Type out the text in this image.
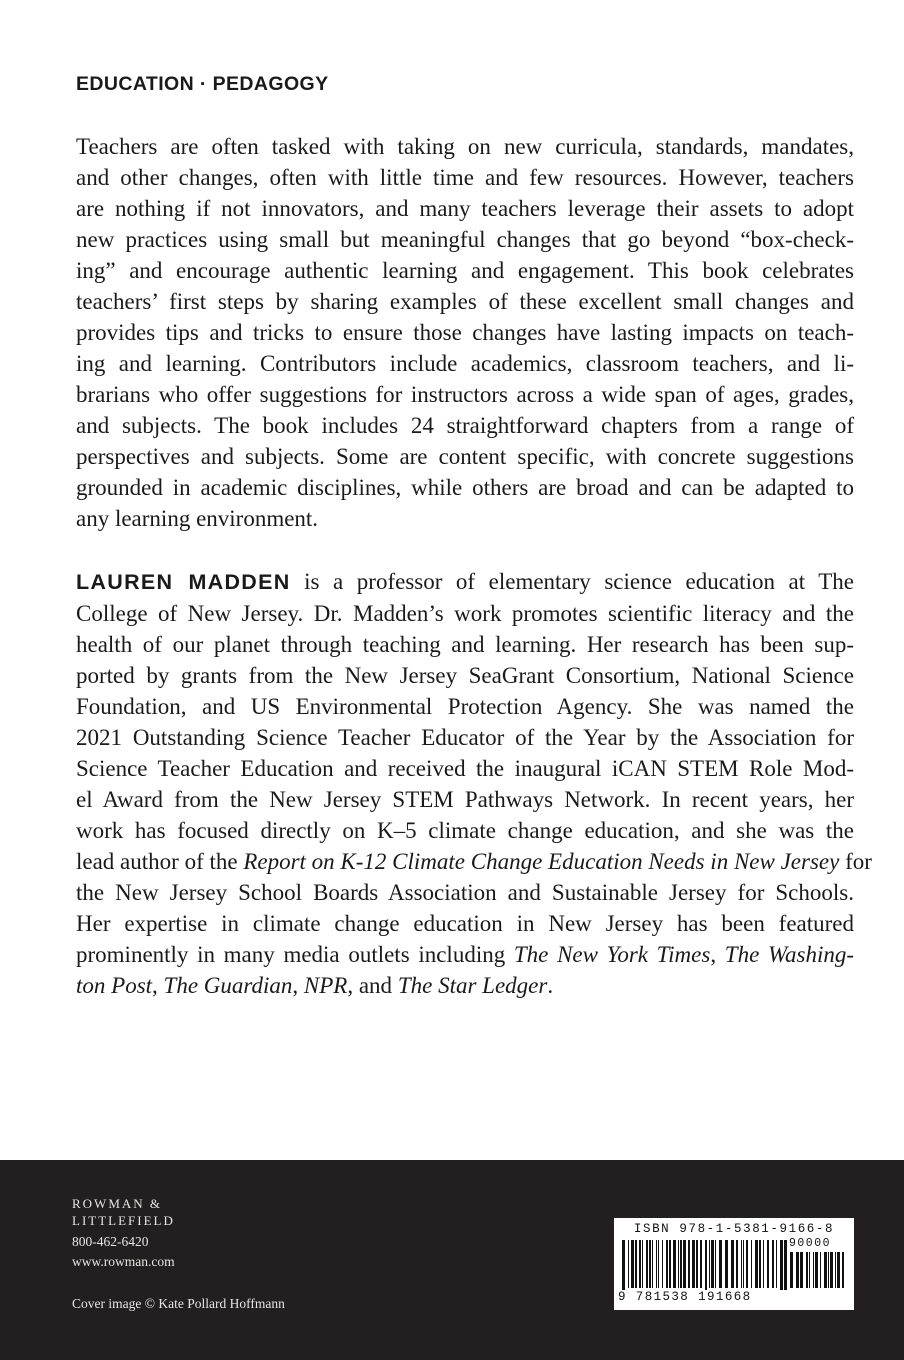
EDUCATION · PEDAGOGY
Teachers are often tasked with taking on new curricula, standards, mandates,
and other changes, often with little time and few resources. However, teachers
are nothing if not innovators, and many teachers leverage their assets to adopt
new practices using small but meaningful changes that go beyond “box-check-
ing” and encourage authentic learning and engagement. This book celebrates
teachers’ first steps by sharing examples of these excellent small changes and
provides tips and tricks to ensure those changes have lasting impacts on teach-
ing and learning. Contributors include academics, classroom teachers, and li-
brarians who offer suggestions for instructors across a wide span of ages, grades,
and subjects. The book includes 24 straightforward chapters from a range of
perspectives and subjects. Some are content specific, with concrete suggestions
grounded in academic disciplines, while others are broad and can be adapted to
any learning environment.
LAUREN MADDEN is a professor of elementary science education at The
College of New Jersey. Dr. Madden’s work promotes scientific literacy and the
health of our planet through teaching and learning. Her research has been sup-
ported by grants from the New Jersey SeaGrant Consortium, National Science
Foundation, and US Environmental Protection Agency. She was named the
2021 Outstanding Science Teacher Educator of the Year by the Association for
Science Teacher Education and received the inaugural iCAN STEM Role Mod-
el Award from the New Jersey STEM Pathways Network. In recent years, her
work has focused directly on K–5 climate change education, and she was the
lead author of the Report on K-12 Climate Change Education Needs in New Jersey for
the New Jersey School Boards Association and Sustainable Jersey for Schools.
Her expertise in climate change education in New Jersey has been featured
prominently in many media outlets including The New York Times, The Washing-
ton Post, The Guardian, NPR, and The Star Ledger.
ROWMAN &
LITTLEFIELD
800-462-6420
www.rowman.com
Cover image © Kate Pollard Hoffmann
ISBN 978-1-5381-9166-8
90000
9 781538 191668
